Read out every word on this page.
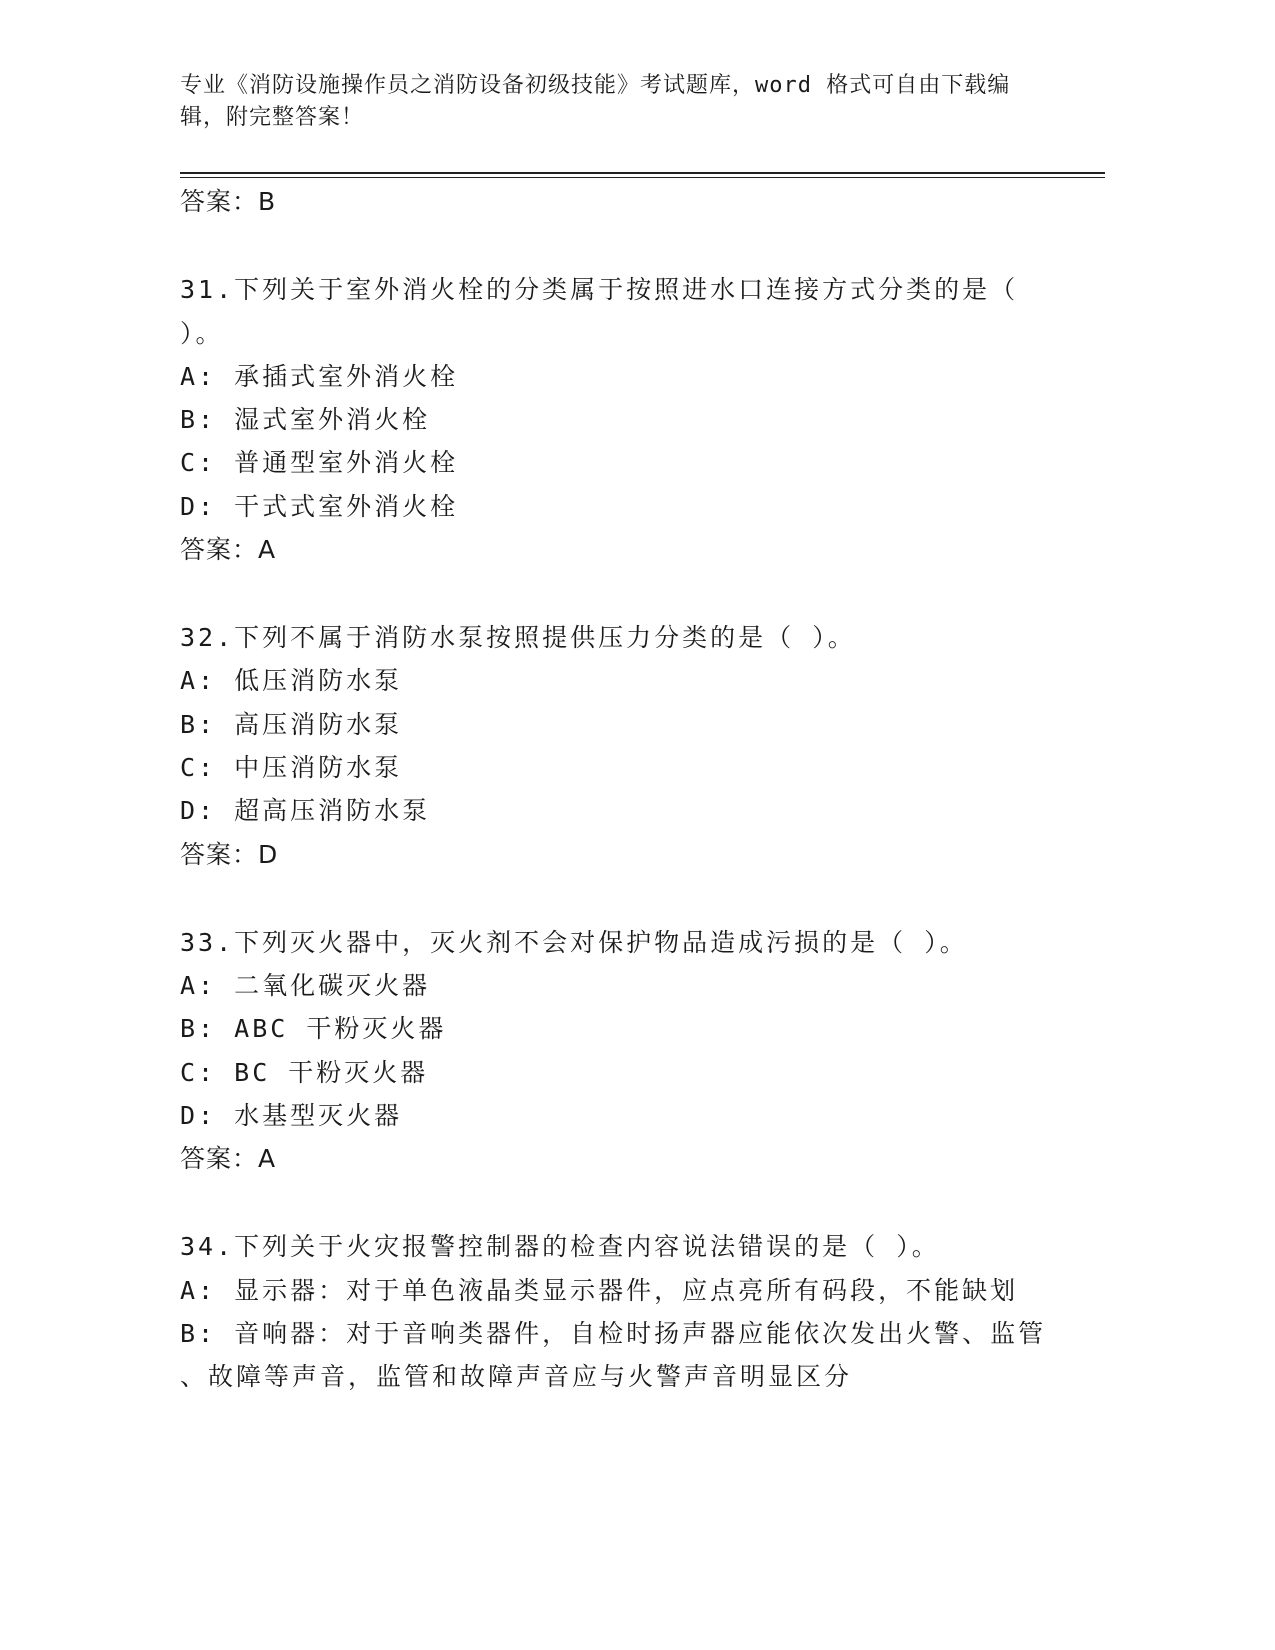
专业《消防设施操作员之消防设备初级技能》考试题库，word 格式可自由下载编
辑，附完整答案！
答案：B
31.下列关于室外消火栓的分类属于按照进水口连接方式分类的是（
）。
A: 承插式室外消火栓
B: 湿式室外消火栓
C: 普通型室外消火栓
D: 干式式室外消火栓
答案：A
32.下列不属于消防水泵按照提供压力分类的是（ ）。
A: 低压消防水泵
B: 高压消防水泵
C: 中压消防水泵
D: 超高压消防水泵
答案：D
33.下列灭火器中，灭火剂不会对保护物品造成污损的是（ ）。
A: 二氧化碳灭火器
B: ABC 干粉灭火器
C: BC 干粉灭火器
D: 水基型灭火器
答案：A
34.下列关于火灾报警控制器的检查内容说法错误的是（ ）。
A: 显示器：对于单色液晶类显示器件，应点亮所有码段，不能缺划
B: 音响器：对于音响类器件，自检时扬声器应能依次发出火警、监管
、故障等声音，监管和故障声音应与火警声音明显区分
